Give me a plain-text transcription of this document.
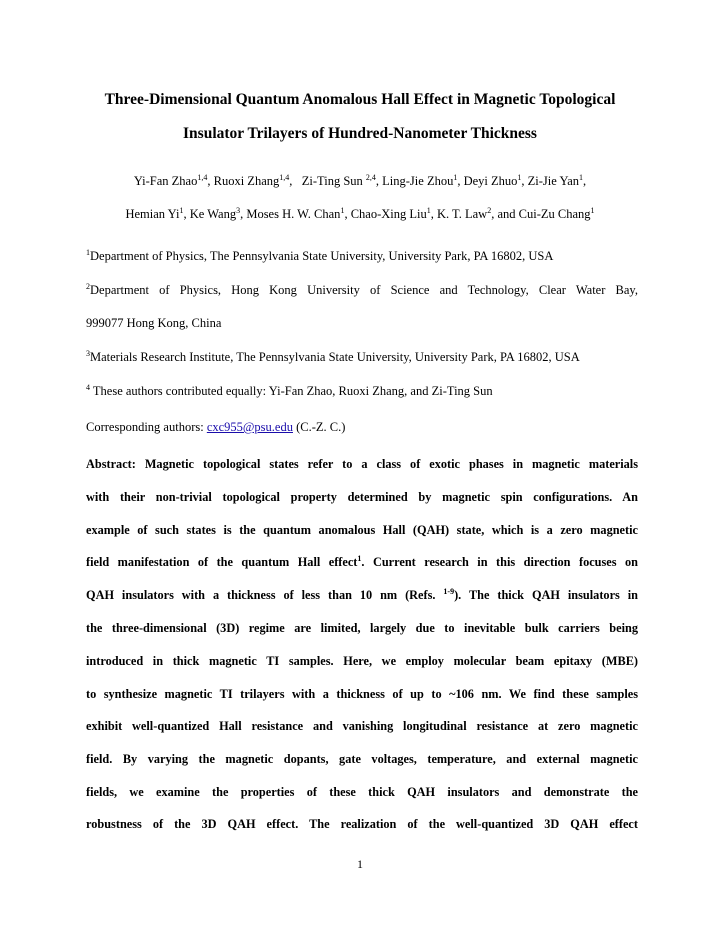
Three-Dimensional Quantum Anomalous Hall Effect in Magnetic Topological

Insulator Trilayers of Hundred-Nanometer Thickness

Yi-Fan Zhao$^{1,4}$, Ruoxi Zhang$^{1,4}$,   Zi-Ting Sun $^{2,4}$, Ling-Jie Zhou$^1$, Deyi Zhuo$^1$, Zi-Jie Yan$^1$,
Hemian Yi$^1$, Ke Wang$^3$, Moses H. W. Chan$^1$, Chao-Xing Liu$^1$, K. T. Law$^2$, and Cui-Zu Chang$^1$
$^1$Department of Physics, The Pennsylvania State University, University Park, PA 16802, USA
$^2$Department of Physics, Hong Kong University of Science and Technology, Clear Water Bay,
999077 Hong Kong, China
$^3$Materials Research Institute, The Pennsylvania State University, University Park, PA 16802, USA
$^4$ These authors contributed equally: Yi-Fan Zhao, Ruoxi Zhang, and Zi-Ting Sun
Corresponding authors: cxc955@psu.edu (C.-Z. C.)
Abstract: Magnetic topological states refer to a class of exotic phases in magnetic materials
with their non-trivial topological property determined by magnetic spin configurations. An
example of such states is the quantum anomalous Hall (QAH) state, which is a zero magnetic
field manifestation of the quantum Hall effect$^1$. Current research in this direction focuses on
QAH insulators with a thickness of less than 10 nm (Refs. $^{1-9}$). The thick QAH insulators in
the three-dimensional (3D) regime are limited, largely due to inevitable bulk carriers being
introduced in thick magnetic TI samples. Here, we employ molecular beam epitaxy (MBE)
to synthesize magnetic TI trilayers with a thickness of up to ~106 nm. We find these samples
exhibit well-quantized Hall resistance and vanishing longitudinal resistance at zero magnetic
field. By varying the magnetic dopants, gate voltages, temperature, and external magnetic
fields, we examine the properties of these thick QAH insulators and demonstrate the
robustness of the 3D QAH effect. The realization of the well-quantized 3D QAH effect
1
